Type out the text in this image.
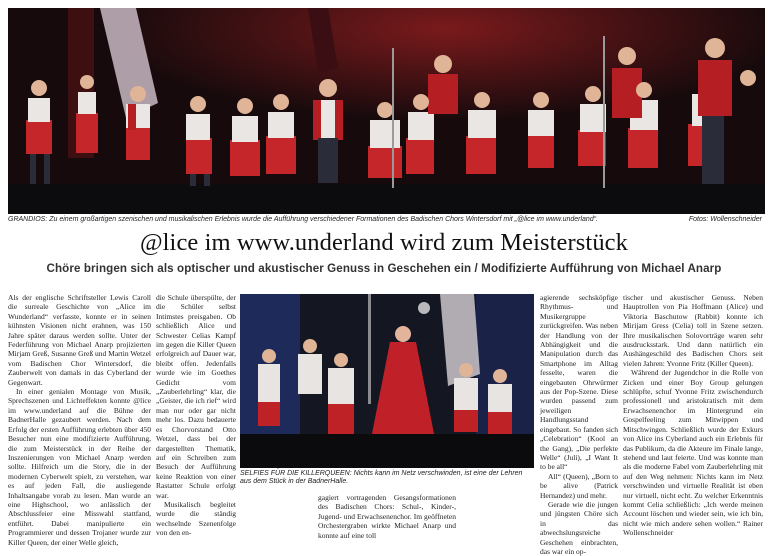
GRANDIOS: Zu einem großartigen szenischen und musikalischen Erlebnis wurde die Aufführung verschiedener Formationen des Badischen Chors Wintersdorf mit „@lice im www.underland“.	Fotos: Wollenschneider
@lice im www.underland wird zum Meisterstück
Chöre bringen sich als optischer und akustischer Genuss in Geschehen ein / Modifizierte Aufführung von Michael Anarp

Als der englische Schriftsteller Lewis Caroll die surreale Geschichte von „Alice im Wunderland“ verfasste, konnte er in seinen kühnsten Visionen nicht erahnen, was 150 Jahre später daraus werden sollte. Unter der Federführung von Michael Anarp projizierten Mirjam Greß, Susanne Greß und Martin Wetzel vom Badischen Chor Wintersdorf, die Zauberwelt von damals in das Cyberland der Gegenwart.

In einer genialen Montage von Musik, Sprechszenen und Lichteffekten konnte @lice im www.underland auf die Bühne der BadnerHalle gezaubert werden. Nach dem Erfolg der ersten Aufführung erlebten über 450 Besucher nun eine modifizierte Aufführung, die zum Meisterstück in der Reihe der Inszenierungen von Michael Anarp werden sollte. Hilfreich um die Story, die in der modernen Cyberwelt spielt, zu verstehen, war es auf jeden Fall, die ausliegende Inhaltsangabe vorab zu lesen. Man wurde an eine Highschool, wo anlässlich der Abschlussfeier eine Misswahl stattfand, entführt. Dabei manipulierte ein Programmierer und dessen Trojaner wurde zur Killer Queen, der einer Welle gleich,

die Schule überspülte, der die Schüler selbst Intimstes preisgaben. Ob schließlich Alice und Schwester Celias Kampf im gegen die Killer Queen erfolgreich auf Dauer war, bleibt offen. Jedenfalls wurde wie im Goethes Gedicht vom „Zauberlehrling“ klar, die „Geister, die ich rief“ wird man nur oder gar nicht mehr los. Dazu bedauerte es Chorvorstand Otto Wetzel, dass bei der dargestellten Thematik, auf ein Schreiben zum Besuch der Aufführung keine Reaktion von einer Rastatter Schule erfolgt war.

Musikalisch begleitet wurde die ständig wechselnde Szenenfolge von den en-

SELFIES FÜR DIE KILLERQUEEN: Nichts kann im Netz verschwinden, ist eine der Lehren aus dem Stück in der BadnerHalle.

gagiert vortragenden Gesangsformationen des Badischen Chors: Schul-, Kinder-, Jugend- und Erwachsenenchor. Im geöffneten Orchestergraben wirkte Michael Anarp und konnte auf eine toll

agierende sechsköpfige Rhythmus- und Musikergruppe zurückgreifen. Was neben der Handlung von der Abhängigkeit und die Manipulation durch das Smartphone im Alltag fesselte, waren die eingebauten Ohrwürmer aus der Pop-Szene. Diese wurden passend zum jeweiligen Handlungsstand eingebaut. So fanden sich „Celebration“ (Kool an the Gang), „Die perfekte Welle“ (Juli), „I Want It to be all“

All“ (Queen), „Born to be alive (Patrick Hernandez) und mehr.

Gerade wie die jungen und jüngsten Chöre sich in das abwechslungsreiche Geschehen einbrachten, das war ein op-

tischer und akustischer Genuss. Neben Hauptrollen von Pia Hoffmann (Alice) und Viktoria Baschutow (Rabbit) konnte ich Mirijam Gress (Celia) toll in Szene setzen. Ihre musikalischen Solovorträge waren sehr ausdrucksstark. Und dann natürlich ein Aushängeschild des Badischen Chors seit vielen Jahren: Yvonne Fritz (Killer Queen).

Während der Jugendchor in die Rolle von Zicken und einer Boy Group gelungen schlüpfte, schuf Yvonne Fritz zwischendurch professionell und aristokratisch mit dem Erwachsenenchor im Hintergrund ein Gospelfeeling zum Mitwippen und Mitschwingen. Schließlich wurde der Exkurs von Alice ins Cyberland auch ein Erlebnis für das Publikum, da die Akteure im Finale lange, stehend und laut feierte. Und was konnte man als die moderne Fabel vom Zauberlehrling mit auf den Weg nehmen: Nichts kann im Netz verschwinden und virtuelle Realität ist eben nur virtuell, nicht echt. Zu welcher Erkenntnis kommt Celia schließlich: „Ich werde meinen Account löschen und wieder sein, wie ich bin, nicht wie mich andere sehen wollen.“ Rainer Wollenschneider
